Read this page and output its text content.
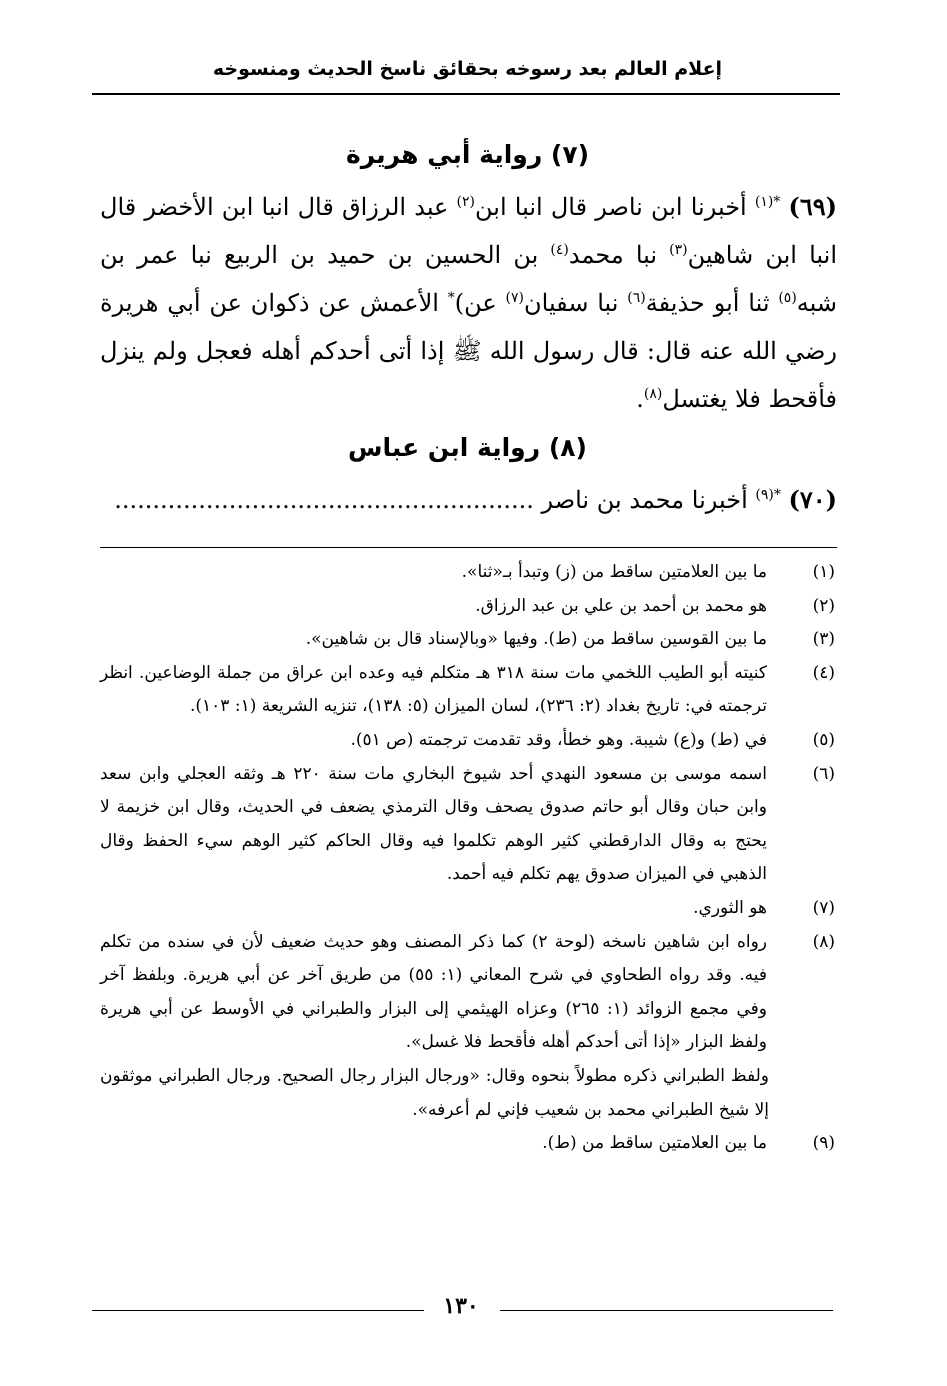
إعلام العالم بعد رسوخه بحقائق ناسخ الحديث ومنسوخه
(٧) رواية أبي هريرة

(٦٩) $^{*(١)}$ أخبرنا ابن ناصر قال انبا ابن$^{(٢)}$ عبد الرزاق قال انبا ابن الأخضر قال انبا ابن شاهين$^{(٣)}$ نبا محمد$^{(٤)}$ بن الحسين بن حميد بن الربيع نبا عمر بن شبه$^{(٥)}$ ثنا أبو حذيفة$^{(٦)}$ نبا سفيان$^{(٧)}$ عن)* الأعمش عن ذكوان عن أبي هريرة رضي الله عنه قال: قال رسول الله ﷺ إذا أتى أحدكم أهله فعجل ولم ينزل فأقحط فلا يغتسل$^{(٨)}$.

(٨) رواية ابن عباس

(٧٠) $^{*(٩)}$ أخبرنا محمد بن ناصر .......................................................

(١)
ما بين العلامتين ساقط من (ز) وتبدأ بـ«ثنا».
(٢)
هو محمد بن أحمد بن علي بن عبد الرزاق.
(٣)
ما بين القوسين ساقط من (ط). وفيها «وبالإسناد قال بن شاهين».
(٤)
كنيته أبو الطيب اللخمي مات سنة ٣١٨ هـ متكلم فيه وعده ابن عراق من جملة الوضاعين. انظر ترجمته في: تاريخ بغداد (٢: ٢٣٦)، لسان الميزان (٥: ١٣٨)، تنزيه الشريعة (١: ١٠٣).
(٥)
في (ط) و(ع) شيبة. وهو خطأ، وقد تقدمت ترجمته (ص ٥١).
(٦)
اسمه موسى بن مسعود النهدي أحد شيوخ البخاري مات سنة ٢٢٠ هـ وثقه العجلي وابن سعد وابن حبان وقال أبو حاتم صدوق يصحف وقال الترمذي يضعف في الحديث، وقال ابن خزيمة لا يحتج به وقال الدارقطني كثير الوهم تكلموا فيه وقال الحاكم كثير الوهم سيء الحفظ وقال الذهبي في الميزان صدوق يهم تكلم فيه أحمد.
(٧)
هو الثوري.
(٨)
رواه ابن شاهين ناسخه (لوحة ٢) كما ذكر المصنف وهو حديث ضعيف لأن في سنده من تكلم فيه. وقد رواه الطحاوي في شرح المعاني (١: ٥٥) من طريق آخر عن أبي هريرة. وبلفظ آخر وفي مجمع الزوائد (١: ٢٦٥) وعزاه الهيثمي إلى البزار والطبراني في الأوسط عن أبي هريرة ولفظ البزار «إذا أتى أحدكم أهله فأقحط فلا غسل».
ولفظ الطبراني ذكره مطولاً بنحوه وقال: «ورجال البزار رجال الصحيح. ورجال الطبراني موثقون إلا شيخ الطبراني محمد بن شعيب فإني لم أعرفه».
(٩)
ما بين العلامتين ساقط من (ط).
١٣٠
